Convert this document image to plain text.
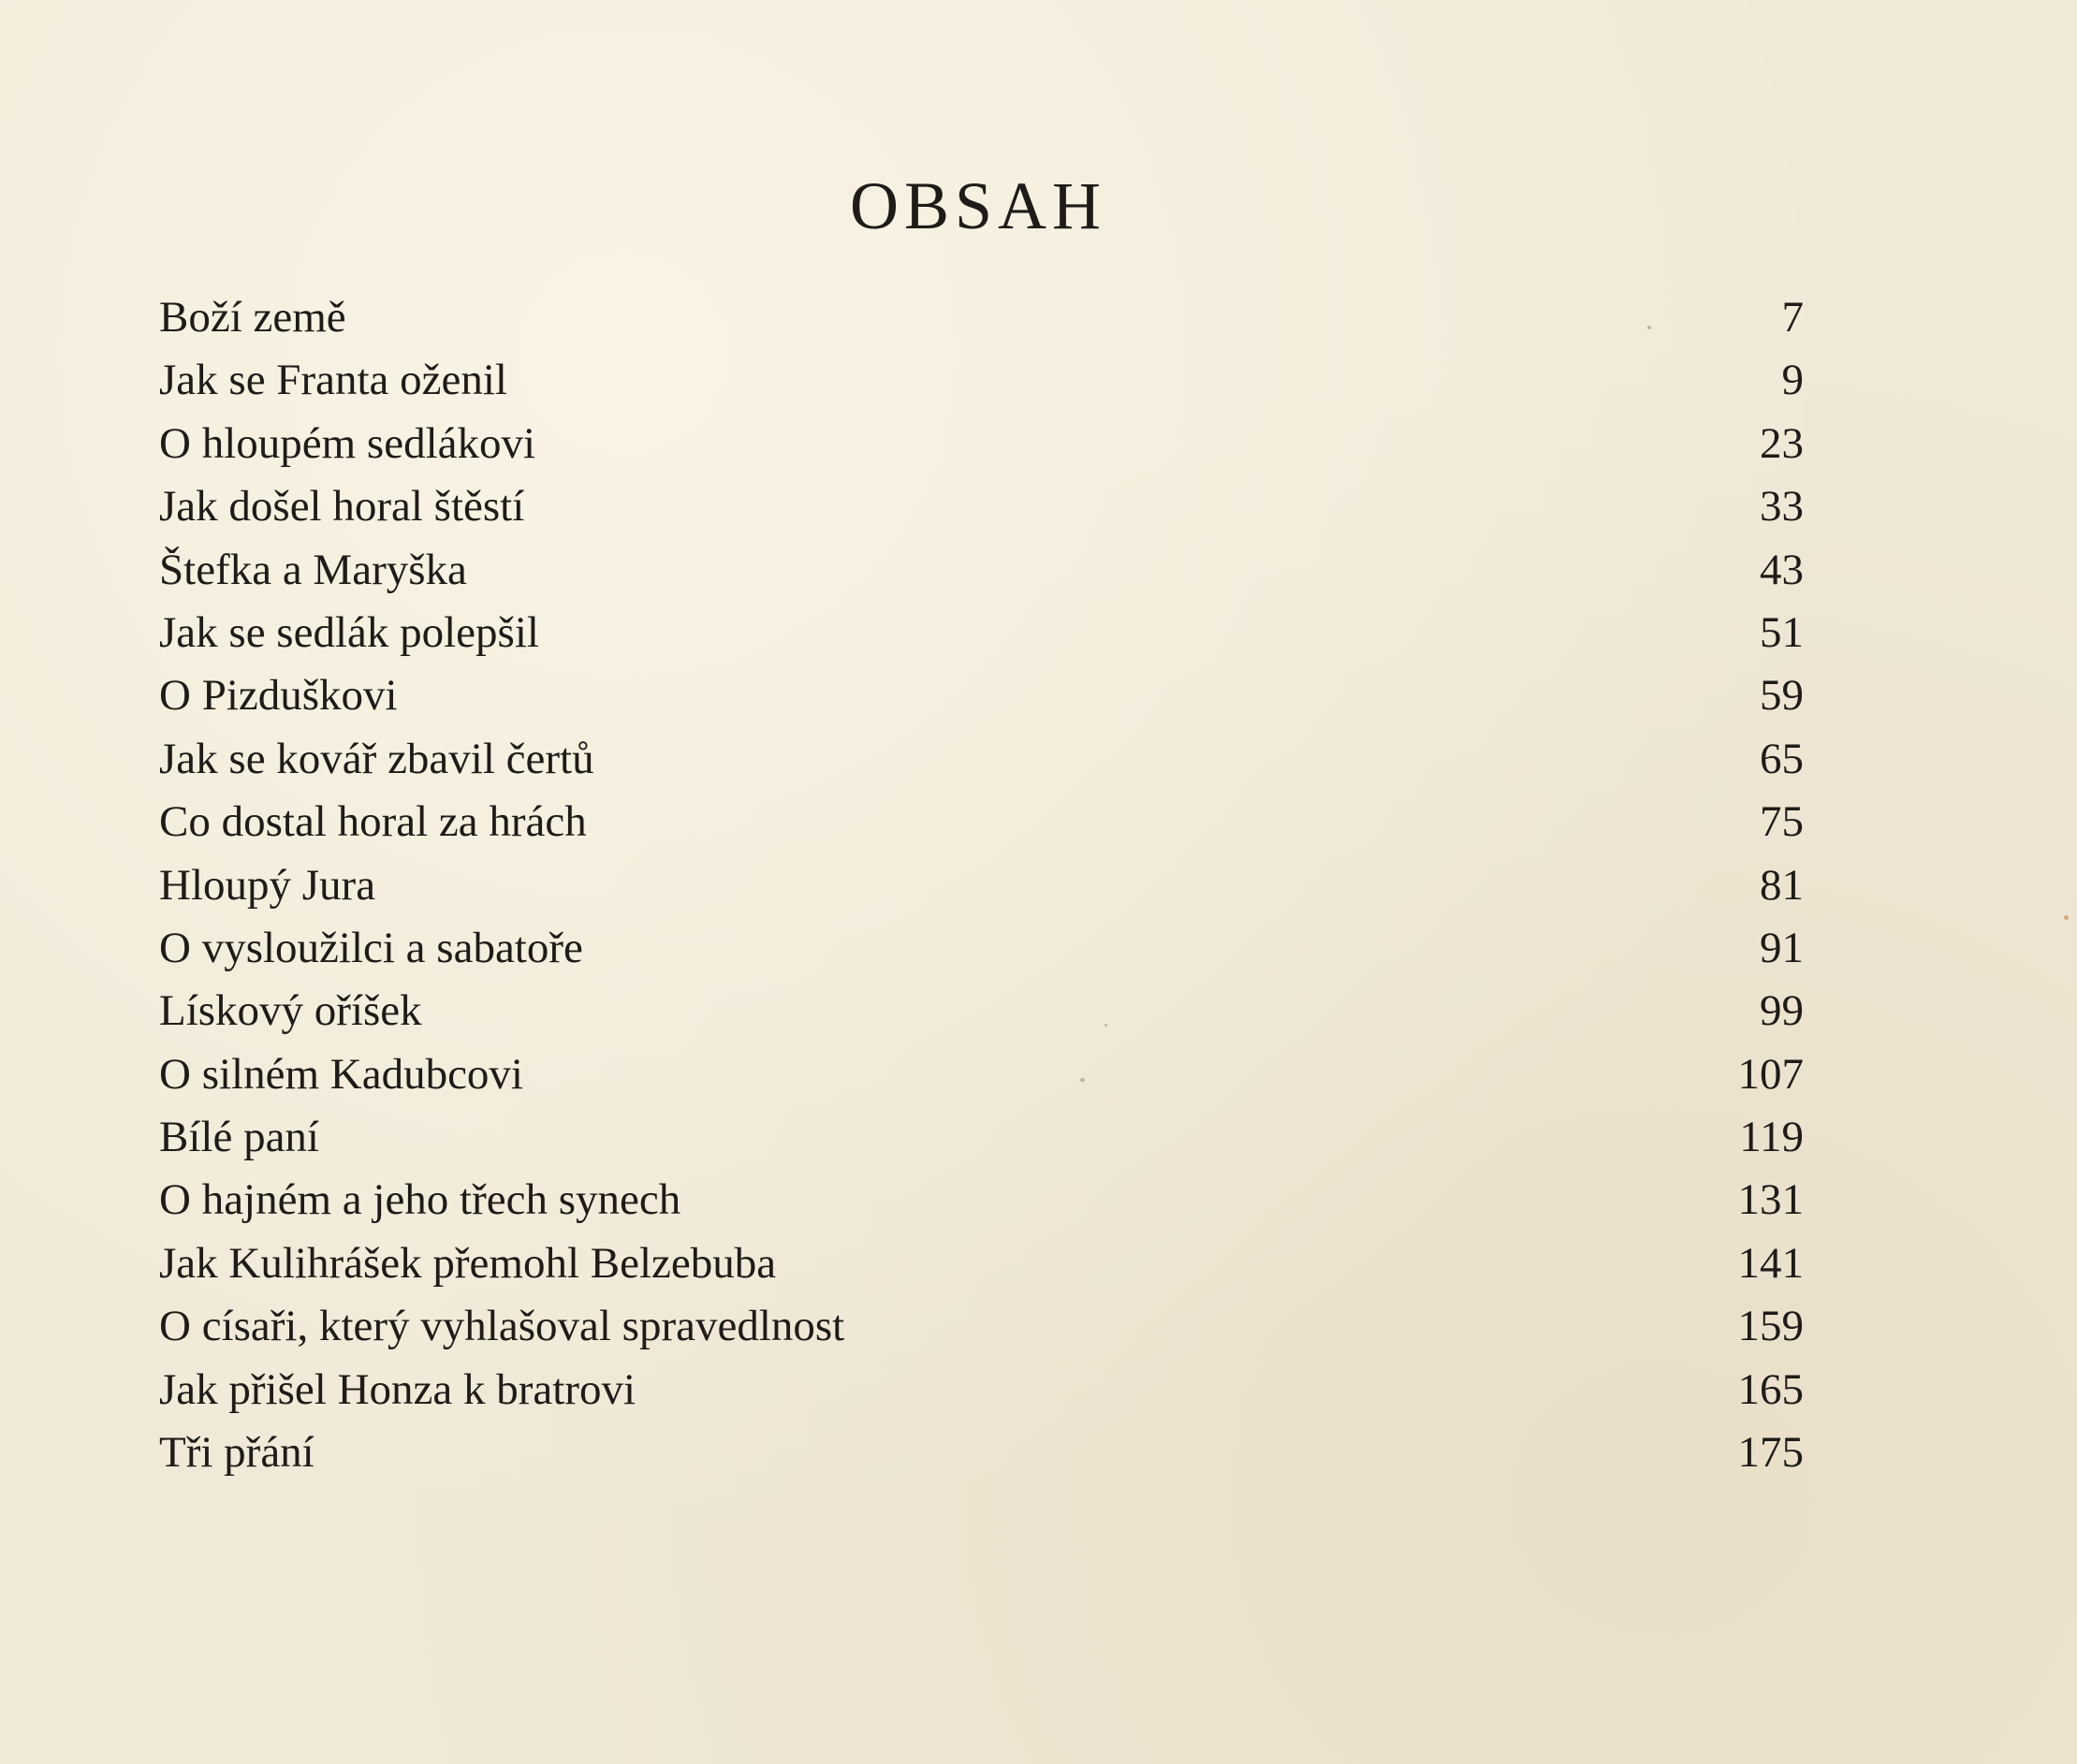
OBSAH
Boží země	7
Jak se Franta oženil	9
O hloupém sedlákovi	23
Jak došel horal štěstí	33
Štefka a Maryška	43
Jak se sedlák polepšil	51
O Pizduškovi	59
Jak se kovář zbavil čertů	65
Co dostal horal za hrách	75
Hloupý Jura	81
O vysloužilci a sabatoře	91
Lískový oříšek	99
O silném Kadubcovi	107
Bílé paní	119
O hajném a jeho třech synech	131
Jak Kulihrášek přemohl Belzebuba	141
O císaři, který vyhlašoval spravedlnost	159
Jak přišel Honza k bratrovi	165
Tři přání	175
